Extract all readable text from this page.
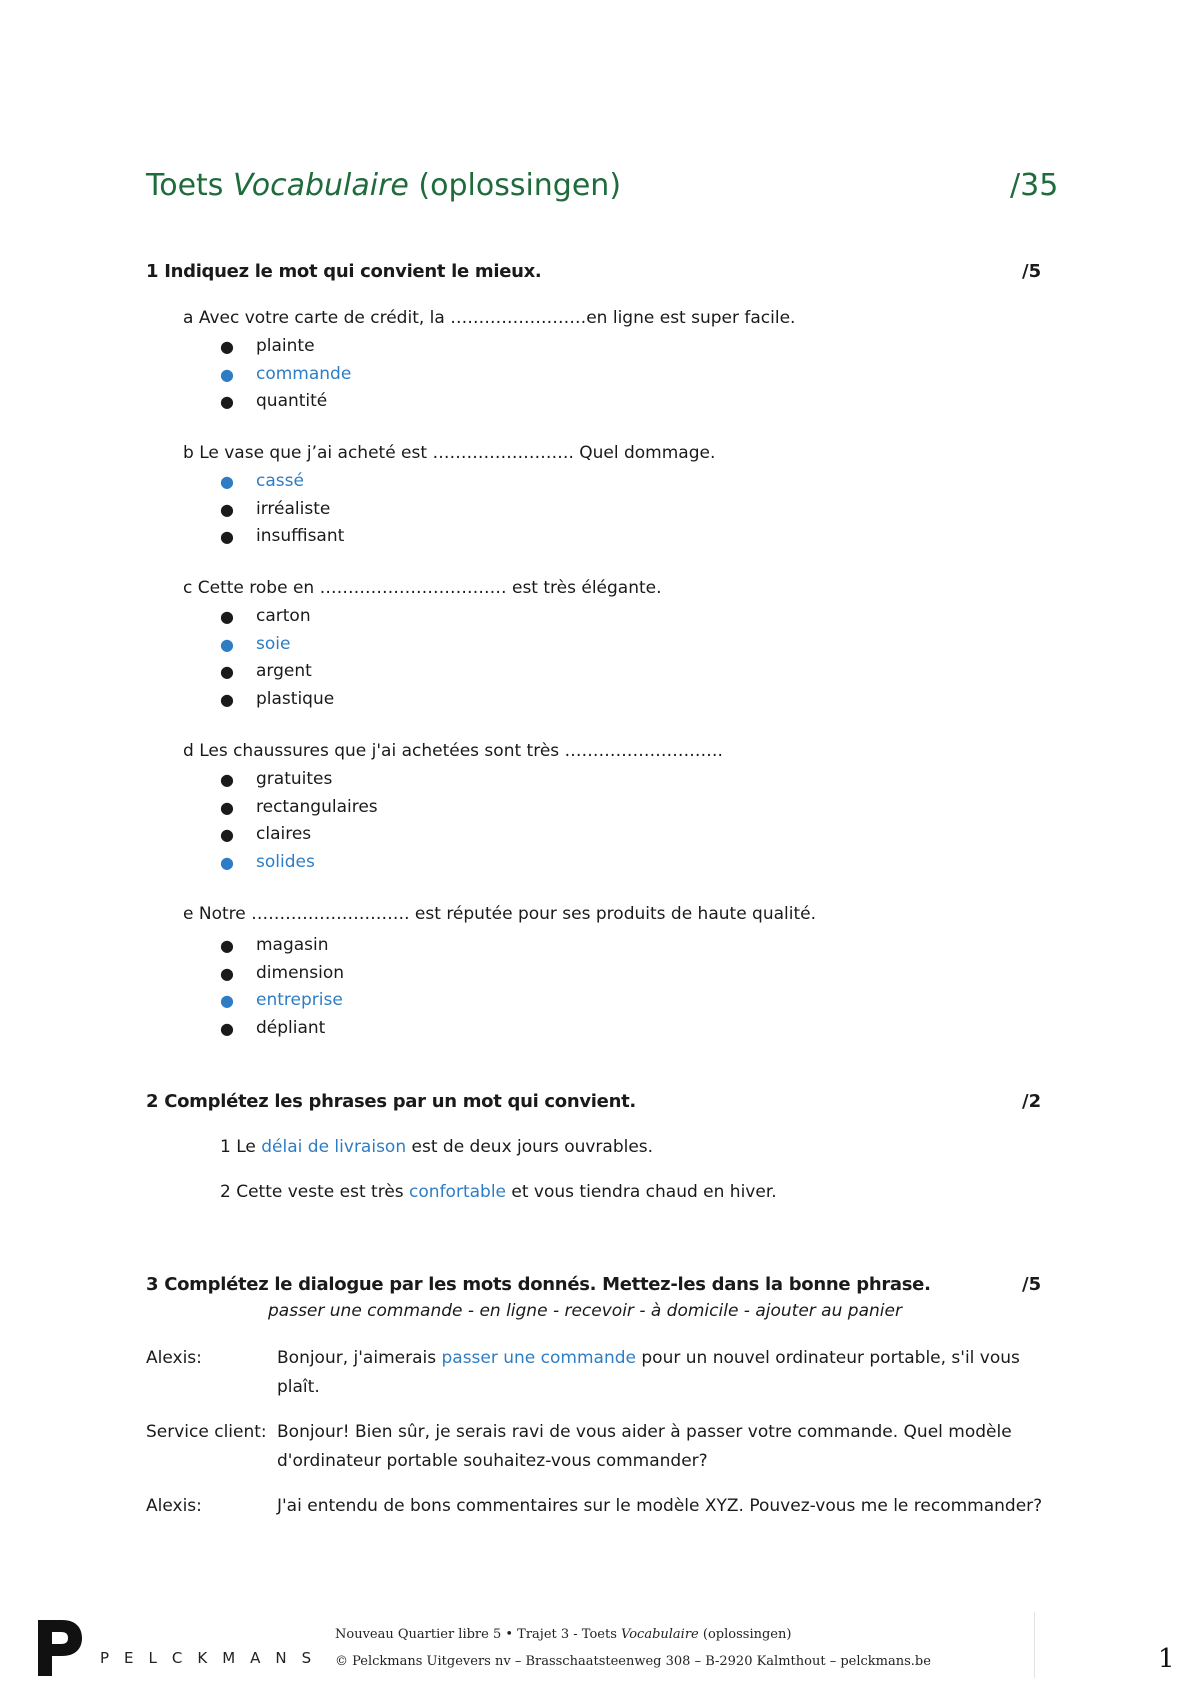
Toets Vocabulaire (oplossingen)	/35
1 Indiquez le mot qui convient le mieux.	/5
a Avec votre carte de crédit, la ……………………en ligne est super facile.
● plainte
● commande
● quantité
b Le vase que j’ai acheté est ……………………. Quel dommage.
● cassé
● irréaliste
● insuffisant
c Cette robe en …………………………… est très élégante.
● carton
● soie
● argent
● plastique
d Les chaussures que j'ai achetées sont très ……………………….
● gratuites
● rectangulaires
● claires
● solides
e Notre ………………………. est réputée pour ses produits de haute qualité.
● magasin
● dimension
● entreprise
● dépliant
2 Complétez les phrases par un mot qui convient.	/2
1 Le délai de livraison est de deux jours ouvrables.
2 Cette veste est très confortable et vous tiendra chaud en hiver.
3 Complétez le dialogue par les mots donnés. Mettez-les dans la bonne phrase.	/5
passer une commande - en ligne - recevoir - à domicile - ajouter au panier
Alexis:	Bonjour, j'aimerais passer une commande pour un nouvel ordinateur portable, s'il vous plaît.
Service client: Bonjour! Bien sûr, je serais ravi de vous aider à passer votre commande. Quel modèle d'ordinateur portable souhaitez-vous commander?
Alexis:	J'ai entendu de bons commentaires sur le modèle XYZ. Pouvez-vous me le recommander?
PELCKMANS
Nouveau Quartier libre 5 • Trajet 3 - Toets Vocabulaire (oplossingen)
© Pelckmans Uitgevers nv – Brasschaatsteenweg 308 – B-2920 Kalmthout – pelckmans.be	1
